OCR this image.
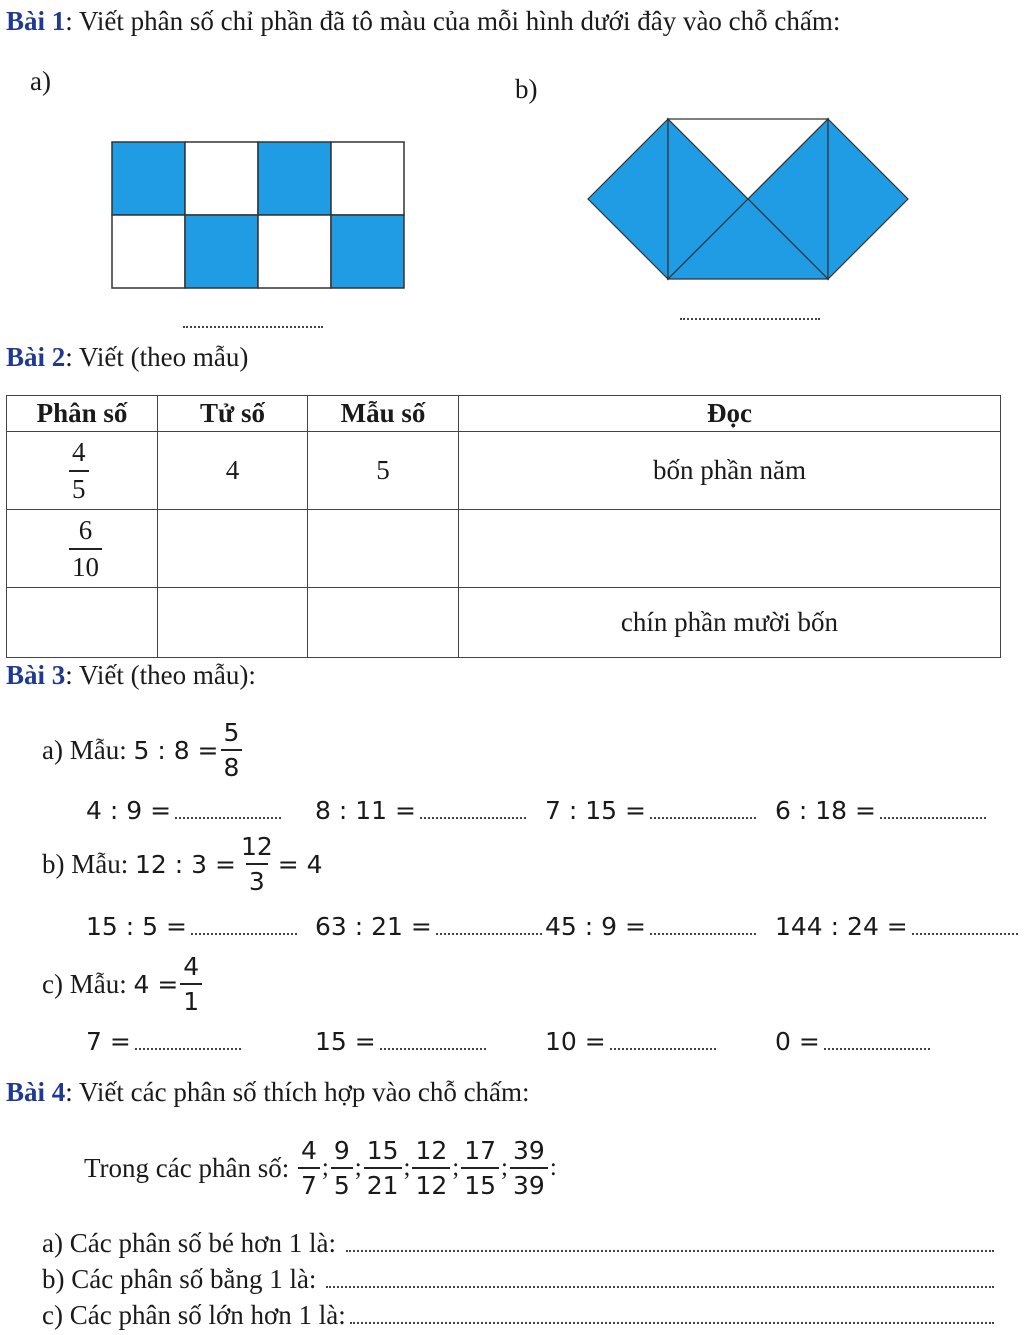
Bài 1: Viết phân số chỉ phần đã tô màu của mỗi hình dưới đây vào chỗ chấm:
a)	b)
Bài 2: Viết (theo mẫu)
Phân số	Tử số	Mẫu số	Đọc

$\frac{4}{5}$	4	5	bốn phần năm

$\frac{6}{10}$

			chín phần mười bốn
Bài 3: Viết (theo mẫu):
a)
Mẫu:
5 : $8 = \frac{5}{8}$
4 : 9 =	8 : 11 =	7 : 15 =	6 : 18 =
b)
Mẫu:
12 : $3 = \frac{12}{3} = 4$
15 : 5 =	63 : 21 =	45 : 9 =	144 : 24 =
c)
Mẫu:
$4 = \frac{4}{1}$
7 =	15 =	10 =	0 =
Bài 4: Viết các phân số thích hợp vào chỗ chấm:
Trong các phân số:
$\frac{4}{7}$ ; $\frac{9}{5}$ ; $\frac{15}{21}$ ; $\frac{12}{12}$ ; $\frac{17}{15}$ ; $\frac{39}{39}$ :
a)
Các phân số bé hơn 1 là:
b)
Các phân số bằng 1 là:
c)
Các phân số lớn hơn 1 là:
